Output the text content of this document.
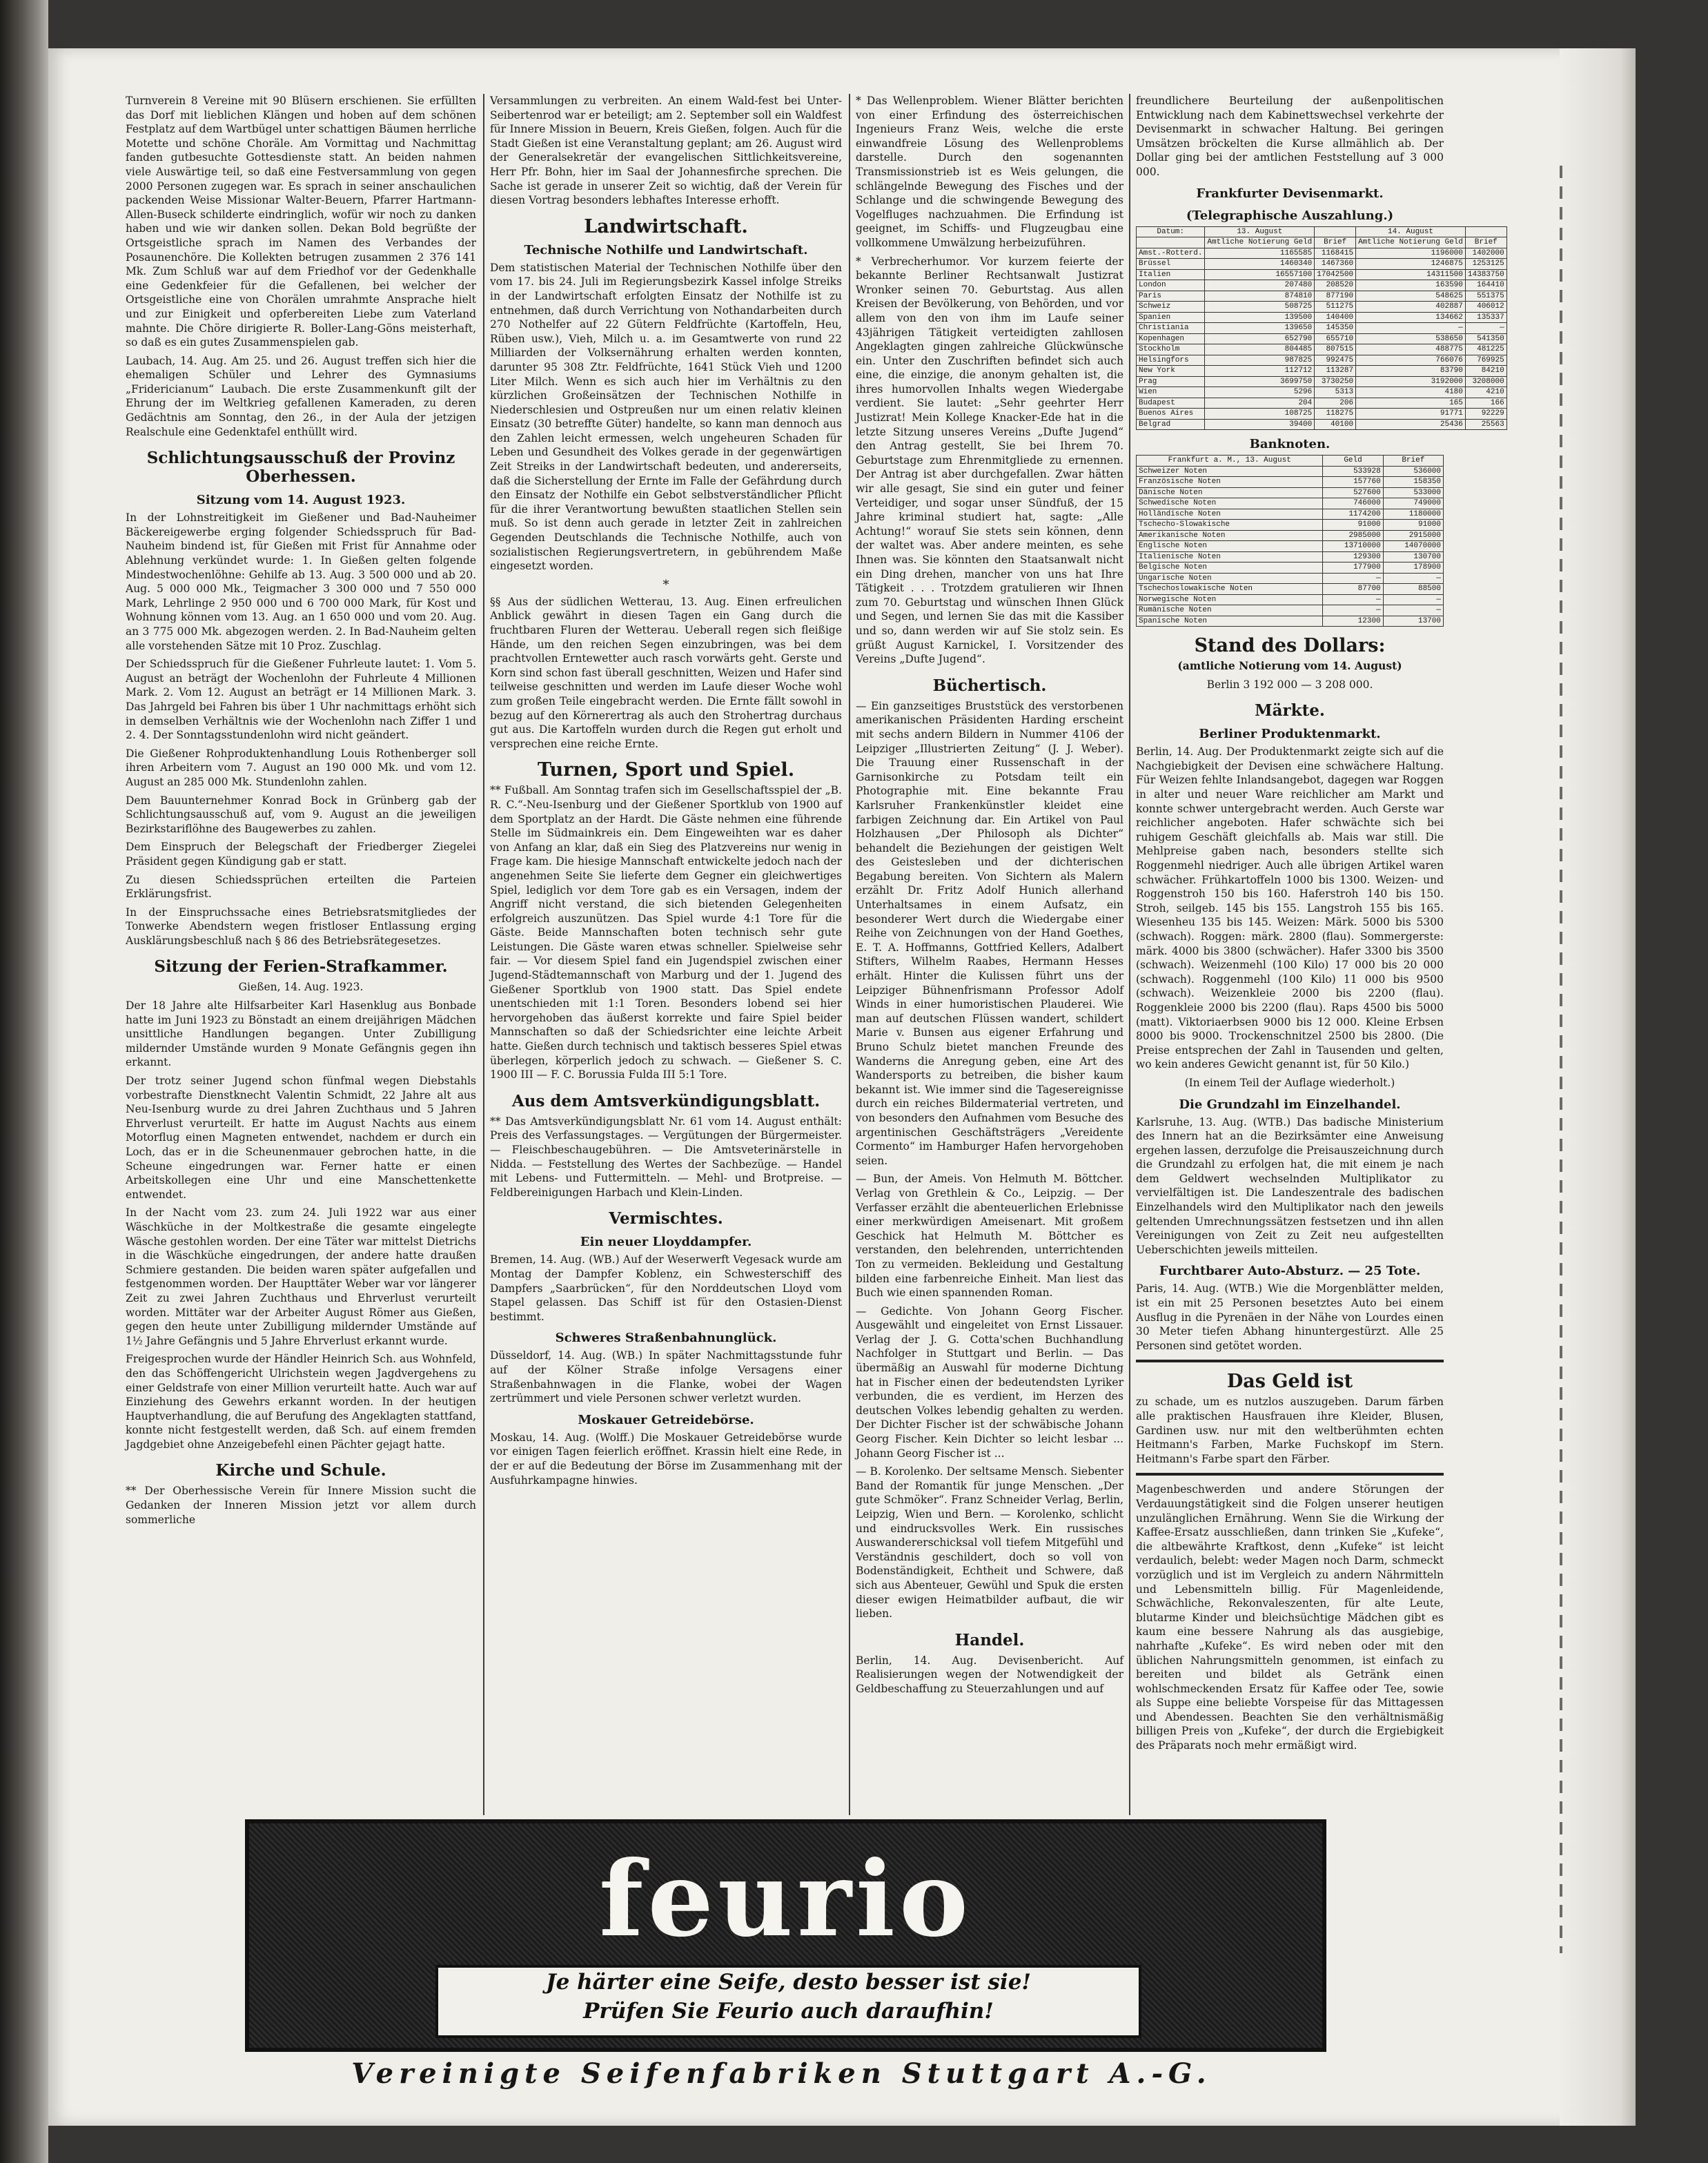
Turnverein 8 Vereine mit 90 Blüsern erschienen. Sie erfüllten das Dorf mit lieblichen Klängen und hoben auf dem schönen Festplatz auf dem Wartbügel unter schattigen Bäumen herrliche Motette und schöne Choräle. Am Vormittag und Nachmittag fanden gutbesuchte Gottesdienste statt. An beiden nahmen viele Auswärtige teil, so daß eine Festversammlung von gegen 2000 Personen zugegen war. Es sprach in seiner anschaulichen packenden Weise Missionar Walter-Beuern, Pfarrer Hartmann-Allen-Buseck schilderte eindringlich, wofür wir noch zu danken haben und wie wir danken sollen. Dekan Bold begrüßte der Ortsgeistliche sprach im Namen des Verbandes der Posaunenchöre. Die Kollekten betrugen zusammen 2 376 141 Mk. Zum Schluß war auf dem Friedhof vor der Gedenkhalle eine Gedenkfeier für die Gefallenen, bei welcher der Ortsgeistliche eine von Chorälen umrahmte Ansprache hielt und zur Einigkeit und opferbereiten Liebe zum Vaterland mahnte. Die Chöre dirigierte R. Boller-Lang-Göns meisterhaft, so daß es ein gutes Zusammenspielen gab.

Laubach, 14. Aug. Am 25. und 26. August treffen sich hier die ehemaligen Schüler und Lehrer des Gymnasiums „Fridericianum“ Laubach. Die erste Zusammenkunft gilt der Ehrung der im Weltkrieg gefallenen Kameraden, zu deren Gedächtnis am Sonntag, den 26., in der Aula der jetzigen Realschule eine Gedenktafel enthüllt wird.

Schlichtungsausschuß der Provinz Oberhessen.
Sitzung vom 14. August 1923.

In der Lohnstreitigkeit im Gießener und Bad-Nauheimer Bäckereigewerbe erging folgender Schiedsspruch für Bad-Nauheim bindend ist, für Gießen mit Frist für Annahme oder Ablehnung verkündet wurde: 1. In Gießen gelten folgende Mindestwochenlöhne: Gehilfe ab 13. Aug. 3 500 000 und ab 20. Aug. 5 000 000 Mk., Teigmacher 3 300 000 und 7 550 000 Mark, Lehrlinge 2 950 000 und 6 700 000 Mark, für Kost und Wohnung können vom 13. Aug. an 1 650 000 und vom 20. Aug. an 3 775 000 Mk. abgezogen werden. 2. In Bad-Nauheim gelten alle vorstehenden Sätze mit 10 Proz. Zuschlag.

Der Schiedsspruch für die Gießener Fuhrleute lautet: 1. Vom 5. August an beträgt der Wochenlohn der Fuhrleute 4 Millionen Mark. 2. Vom 12. August an beträgt er 14 Millionen Mark. 3. Das Jahrgeld bei Fahren bis über 1 Uhr nachmittags erhöht sich in demselben Verhältnis wie der Wochenlohn nach Ziffer 1 und 2. 4. Der Sonntagsstundenlohn wird nicht geändert.

Die Gießener Rohproduktenhandlung Louis Rothenberger soll ihren Arbeitern vom 7. August an 190 000 Mk. und vom 12. August an 285 000 Mk. Stundenlohn zahlen.

Dem Bauunternehmer Konrad Bock in Grünberg gab der Schlichtungsausschuß auf, vom 9. August an die jeweiligen Bezirkstariflöhne des Baugewerbes zu zahlen.

Dem Einspruch der Belegschaft der Friedberger Ziegelei Präsident gegen Kündigung gab er statt.

Zu diesen Schiedssprüchen erteilten die Parteien Erklärungsfrist.

In der Einspruchssache eines Betriebsratsmitgliedes der Tonwerke Abendstern wegen fristloser Entlassung erging Ausklärungsbeschluß nach § 86 des Betriebsrätegesetzes.

Sitzung der Ferien-Strafkammer.

Gießen, 14. Aug. 1923.

Der 18 Jahre alte Hilfsarbeiter Karl Hasenklug aus Bonbade hatte im Juni 1923 zu Bönstadt an einem dreijährigen Mädchen unsittliche Handlungen begangen. Unter Zubilligung mildernder Umstände wurden 9 Monate Gefängnis gegen ihn erkannt.

Der trotz seiner Jugend schon fünfmal wegen Diebstahls vorbestrafte Dienstknecht Valentin Schmidt, 22 Jahre alt aus Neu-Isenburg wurde zu drei Jahren Zuchthaus und 5 Jahren Ehrverlust verurteilt. Er hatte im August Nachts aus einem Motorflug einen Magneten entwendet, nachdem er durch ein Loch, das er in die Scheunenmauer gebrochen hatte, in die Scheune eingedrungen war. Ferner hatte er einen Arbeitskollegen eine Uhr und eine Manschettenkette entwendet.

In der Nacht vom 23. zum 24. Juli 1922 war aus einer Wäschküche in der Moltkestraße die gesamte eingelegte Wäsche gestohlen worden. Der eine Täter war mittelst Dietrichs in die Wäschküche eingedrungen, der andere hatte draußen Schmiere gestanden. Die beiden waren später aufgefallen und festgenommen worden. Der Haupttäter Weber war vor längerer Zeit zu zwei Jahren Zuchthaus und Ehrverlust verurteilt worden. Mittäter war der Arbeiter August Römer aus Gießen, gegen den heute unter Zubilligung mildernder Umstände auf 1½ Jahre Gefängnis und 5 Jahre Ehrverlust erkannt wurde.

Freigesprochen wurde der Händler Heinrich Sch. aus Wohnfeld, den das Schöffengericht Ulrichstein wegen Jagdvergehens zu einer Geldstrafe von einer Million verurteilt hatte. Auch war auf Einziehung des Gewehrs erkannt worden. In der heutigen Hauptverhandlung, die auf Berufung des Angeklagten stattfand, konnte nicht festgestellt werden, daß Sch. auf einem fremden Jagdgebiet ohne Anzeigebefehl einen Pächter gejagt hatte.

Kirche und Schule.

** Der Oberhessische Verein für Innere Mission sucht die Gedanken der Inneren Mission jetzt vor allem durch sommerliche

Versammlungen zu verbreiten. An einem Wald-fest bei Unter-Seibertenrod war er beteiligt; am 2. September soll ein Waldfest für Innere Mission in Beuern, Kreis Gießen, folgen. Auch für die Stadt Gießen ist eine Veranstaltung geplant; am 26. August wird der Generalsekretär der evangelischen Sittlichkeitsvereine, Herr Pfr. Bohn, hier im Saal der Johannesfirche sprechen. Die Sache ist gerade in unserer Zeit so wichtig, daß der Verein für diesen Vortrag besonders lebhaftes Interesse erhofft.

Landwirtschaft.
Technische Nothilfe und Landwirtschaft.

Dem statistischen Material der Technischen Nothilfe über den vom 17. bis 24. Juli im Regierungsbezirk Kassel infolge Streiks in der Landwirtschaft erfolgten Einsatz der Nothilfe ist zu entnehmen, daß durch Verrichtung von Nothandarbeiten durch 270 Nothelfer auf 22 Gütern Feldfrüchte (Kartoffeln, Heu, Rüben usw.), Vieh, Milch u. a. im Gesamtwerte von rund 22 Milliarden der Volksernährung erhalten werden konnten, darunter 95 308 Ztr. Feldfrüchte, 1641 Stück Vieh und 1200 Liter Milch. Wenn es sich auch hier im Verhältnis zu den kürzlichen Großeinsätzen der Technischen Nothilfe in Niederschlesien und Ostpreußen nur um einen relativ kleinen Einsatz (30 betreffte Güter) handelte, so kann man dennoch aus den Zahlen leicht ermessen, welch ungeheuren Schaden für Leben und Gesundheit des Volkes gerade in der gegenwärtigen Zeit Streiks in der Landwirtschaft bedeuten, und andererseits, daß die Sicherstellung der Ernte im Falle der Gefährdung durch den Einsatz der Nothilfe ein Gebot selbstverständlicher Pflicht für die ihrer Verantwortung bewußten staatlichen Stellen sein muß. So ist denn auch gerade in letzter Zeit in zahlreichen Gegenden Deutschlands die Technische Nothilfe, auch von sozialistischen Regierungsvertretern, in gebührendem Maße eingesetzt worden.

*

§§ Aus der südlichen Wetterau, 13. Aug. Einen erfreulichen Anblick gewährt in diesen Tagen ein Gang durch die fruchtbaren Fluren der Wetterau. Ueberall regen sich fleißige Hände, um den reichen Segen einzubringen, was bei dem prachtvollen Erntewetter auch rasch vorwärts geht. Gerste und Korn sind schon fast überall geschnitten, Weizen und Hafer sind teilweise geschnitten und werden im Laufe dieser Woche wohl zum großen Teile eingebracht werden. Die Ernte fällt sowohl in bezug auf den Körnerertrag als auch den Strohertrag durchaus gut aus. Die Kartoffeln wurden durch die Regen gut erholt und versprechen eine reiche Ernte.

Turnen, Sport und Spiel.

** Fußball. Am Sonntag trafen sich im Gesellschaftsspiel der „B. R. C.“-Neu-Isenburg und der Gießener Sportklub von 1900 auf dem Sportplatz an der Hardt. Die Gäste nehmen eine führende Stelle im Südmainkreis ein. Dem Eingeweihten war es daher von Anfang an klar, daß ein Sieg des Platzvereins nur wenig in Frage kam. Die hiesige Mannschaft entwickelte jedoch nach der angenehmen Seite Sie lieferte dem Gegner ein gleichwertiges Spiel, lediglich vor dem Tore gab es ein Versagen, indem der Angriff nicht verstand, die sich bietenden Gelegenheiten erfolgreich auszunützen. Das Spiel wurde 4:1 Tore für die Gäste. Beide Mannschaften boten technisch sehr gute Leistungen. Die Gäste waren etwas schneller. Spielweise sehr fair. — Vor diesem Spiel fand ein Jugendspiel zwischen einer Jugend-Städtemannschaft von Marburg und der 1. Jugend des Gießener Sportklub von 1900 statt. Das Spiel endete unentschieden mit 1:1 Toren. Besonders lobend sei hier hervorgehoben das äußerst korrekte und faire Spiel beider Mannschaften so daß der Schiedsrichter eine leichte Arbeit hatte. Gießen durch technisch und taktisch besseres Spiel etwas überlegen, körperlich jedoch zu schwach. — Gießener S. C. 1900 III — F. C. Borussia Fulda III 5:1 Tore.

Aus dem Amtsverkündigungsblatt.

** Das Amtsverkündigungsblatt Nr. 61 vom 14. August enthält: Preis des Verfassungstages. — Vergütungen der Bürgermeister. — Fleischbeschaugebühren. — Die Amtsveterinärstelle in Nidda. — Feststellung des Wertes der Sachbezüge. — Handel mit Lebens- und Futtermitteln. — Mehl- und Brotpreise. — Feldbereinigungen Harbach und Klein-Linden.

Vermischtes.
Ein neuer Lloyddampfer.

Bremen, 14. Aug. (WB.) Auf der Weserwerft Vegesack wurde am Montag der Dampfer Koblenz, ein Schwesterschiff des Dampfers „Saarbrücken“, für den Norddeutschen Lloyd vom Stapel gelassen. Das Schiff ist für den Ostasien-Dienst bestimmt.

Schweres Straßenbahnunglück.

Düsseldorf, 14. Aug. (WB.) In später Nachmittagsstunde fuhr auf der Kölner Straße infolge Versagens einer Straßenbahnwagen in die Flanke, wobei der Wagen zertrümmert und viele Personen schwer verletzt wurden.

Moskauer Getreidebörse.

Moskau, 14. Aug. (Wolff.) Die Moskauer Getreidebörse wurde vor einigen Tagen feierlich eröffnet. Krassin hielt eine Rede, in der er auf die Bedeutung der Börse im Zusammenhang mit der Ausfuhrkampagne hinwies.

* Das Wellenproblem. Wiener Blätter berichten von einer Erfindung des österreichischen Ingenieurs Franz Weis, welche die erste einwandfreie Lösung des Wellenproblems darstelle. Durch den sogenannten Transmissionstrieb ist es Weis gelungen, die schlängelnde Bewegung des Fisches und der Schlange und die schwingende Bewegung des Vogelfluges nachzuahmen. Die Erfindung ist geeignet, im Schiffs- und Flugzeugbau eine vollkommene Umwälzung herbeizuführen.

* Verbrecherhumor. Vor kurzem feierte der bekannte Berliner Rechtsanwalt Justizrat Wronker seinen 70. Geburtstag. Aus allen Kreisen der Bevölkerung, von Behörden, und vor allem von den von ihm im Laufe seiner 43jährigen Tätigkeit verteidigten zahllosen Angeklagten gingen zahlreiche Glückwünsche ein. Unter den Zuschriften befindet sich auch eine, die einzige, die anonym gehalten ist, die ihres humorvollen Inhalts wegen Wiedergabe verdient. Sie lautet: „Sehr geehrter Herr Justizrat! Mein Kollege Knacker-Ede hat in die letzte Sitzung unseres Vereins „Dufte Jugend“ den Antrag gestellt, Sie bei Ihrem 70. Geburtstage zum Ehrenmitgliede zu ernennen. Der Antrag ist aber durchgefallen. Zwar hätten wir alle gesagt, Sie sind ein guter und feiner Verteidiger, und sogar unser Sündfuß, der 15 Jahre kriminal studiert hat, sagte: „Alle Achtung!“ worauf Sie stets sein können, denn der waltet was. Aber andere meinten, es sehe Ihnen was. Sie könnten den Staatsanwalt nicht ein Ding drehen, mancher von uns hat Ihre Tätigkeit . . . Trotzdem gratulieren wir Ihnen zum 70. Geburtstag und wünschen Ihnen Glück und Segen, und lernen Sie das mit die Kassiber und so, dann werden wir auf Sie stolz sein. Es grüßt August Karnickel, I. Vorsitzender des Vereins „Dufte Jugend“.

Büchertisch.

— Ein ganzseitiges Bruststück des verstorbenen amerikanischen Präsidenten Harding erscheint mit sechs andern Bildern in Nummer 4106 der Leipziger „Illustrierten Zeitung“ (J. J. Weber). Die Trauung einer Russenschaft in der Garnisonkirche zu Potsdam teilt ein Photographie mit. Eine bekannte Frau Karlsruher Frankenkünstler kleidet eine farbigen Zeichnung dar. Ein Artikel von Paul Holzhausen „Der Philosoph als Dichter“ behandelt die Beziehungen der geistigen Welt des Geistesleben und der dichterischen Begabung bereiten. Von Sichtern als Malern erzählt Dr. Fritz Adolf Hunich allerhand Unterhaltsames in einem Aufsatz, ein besonderer Wert durch die Wiedergabe einer Reihe von Zeichnungen von der Hand Goethes, E. T. A. Hoffmanns, Gottfried Kellers, Adalbert Stifters, Wilhelm Raabes, Hermann Hesses erhält. Hinter die Kulissen führt uns der Leipziger Bühnenfrismann Professor Adolf Winds in einer humoristischen Plauderei. Wie man auf deutschen Flüssen wandert, schildert Marie v. Bunsen aus eigener Erfahrung und Bruno Schulz bietet manchen Freunde des Wanderns die Anregung geben, eine Art des Wandersports zu betreiben, die bisher kaum bekannt ist. Wie immer sind die Tagesereignisse durch ein reiches Bildermaterial vertreten, und von besonders den Aufnahmen vom Besuche des argentinischen Geschäftsträgers „Vereidente Cormento“ im Hamburger Hafen hervorgehoben seien.

— Bun, der Ameis. Von Helmuth M. Böttcher. Verlag von Grethlein & Co., Leipzig. — Der Verfasser erzählt die abenteuerlichen Erlebnisse einer merkwürdigen Ameisenart. Mit großem Geschick hat Helmuth M. Böttcher es verstanden, den belehrenden, unterrichtenden Ton zu vermeiden. Bekleidung und Gestaltung bilden eine farbenreiche Einheit. Man liest das Buch wie einen spannenden Roman.

— Gedichte. Von Johann Georg Fischer. Ausgewählt und eingeleitet von Ernst Lissauer. Verlag der J. G. Cotta'schen Buchhandlung Nachfolger in Stuttgart und Berlin. — Das übermäßig an Auswahl für moderne Dichtung hat in Fischer einen der bedeutendsten Lyriker verbunden, die es verdient, im Herzen des deutschen Volkes lebendig gehalten zu werden. Der Dichter Fischer ist der schwäbische Johann Georg Fischer. Kein Dichter so leicht lesbar ... Johann Georg Fischer ist ...

— B. Korolenko. Der seltsame Mensch. Siebenter Band der Romantik für junge Menschen. „Der gute Schmöker“. Franz Schneider Verlag, Berlin, Leipzig, Wien und Bern. — Korolenko, schlicht und eindrucksvolles Werk. Ein russisches Auswandererschicksal voll tiefem Mitgefühl und Verständnis geschildert, doch so voll von Bodenständigkeit, Echtheit und Schwere, daß sich aus Abenteuer, Gewühl und Spuk die ersten dieser ewigen Heimatbilder aufbaut, die wir lieben.

Handel.

Berlin, 14. Aug. Devisenbericht. Auf Realisierungen wegen der Notwendigkeit der Geldbeschaffung zu Steuerzahlungen und auf

freundlichere Beurteilung der außenpolitischen Entwicklung nach dem Kabinettswechsel verkehrte der Devisenmarkt in schwacher Haltung. Bei geringen Umsätzen bröckelten die Kurse allmählich ab. Der Dollar ging bei der amtlichen Feststellung auf 3 000 000.

Frankfurter Devisenmarkt.
(Telegraphische Auszahlung.)
Datum:	13. August		14. August	
	Amtliche Notierung Geld	Brief	Amtliche Notierung Geld	Brief
Amst.-Rotterd.	1165585	1168415	1196000	1402000
Brüssel	1460340	1467360	1246875	1253125
Italien	16557100	17042500	14311500	14383750
London	207480	208520	163590	164410
Paris	874810	877190	548625	551375
Schweiz	508725	511275	402887	406012
Spanien	139500	140400	134662	135337
Christiania	139650	145350	—	—
Kopenhagen	652790	655710	538650	541350
Stockholm	804485	807515	488775	481225
Helsingfors	987825	992475	766076	769925
New York	112712	113287	83790	84210
Prag	3699750	3730250	3192000	3208000
Wien	5296	5313	4180	4210
Budapest	204	206	165	166
Buenos Aires	108725	118275	91771	92229
Belgrad	39400	40100	25436	25563
Banknoten.
Frankfurt a. M., 13. August	Geld	Brief
Schweizer Noten	533928	536000
Französische Noten	157760	158350
Dänische Noten	527600	533000
Schwedische Noten	746000	749000
Holländische Noten	1174200	1180000
Tschecho-Slowakische	91000	91000
Amerikanische Noten	2985000	2915000
Englische Noten	13710000	14070000
Italienische Noten	129300	130700
Belgische Noten	177900	178900
Ungarische Noten	—	—
Tschechoslowakische Noten	87700	88500
Norwegische Noten	—	—
Rumänische Noten	—	—
Spanische Noten	12300	13700
Stand des Dollars:

(amtliche Notierung vom 14. August)

Berlin 3 192 000 — 3 208 000.

Märkte.
Berliner Produktenmarkt.

Berlin, 14. Aug. Der Produktenmarkt zeigte sich auf die Nachgiebigkeit der Devisen eine schwächere Haltung. Für Weizen fehlte Inlandsangebot, dagegen war Roggen in alter und neuer Ware reichlicher am Markt und konnte schwer untergebracht werden. Auch Gerste war reichlicher angeboten. Hafer schwächte sich bei ruhigem Geschäft gleichfalls ab. Mais war still. Die Mehlpreise gaben nach, besonders stellte sich Roggenmehl niedriger. Auch alle übrigen Artikel waren schwächer. Frühkartoffeln 1000 bis 1300. Weizen- und Roggenstroh 150 bis 160. Haferstroh 140 bis 150. Stroh, seilgeb. 145 bis 155. Langstroh 155 bis 165. Wiesenheu 135 bis 145. Weizen: Märk. 5000 bis 5300 (schwach). Roggen: märk. 2800 (flau). Sommergerste: märk. 4000 bis 3800 (schwächer). Hafer 3300 bis 3500 (schwach). Weizenmehl (100 Kilo) 17 000 bis 20 000 (schwach). Roggenmehl (100 Kilo) 11 000 bis 9500 (schwach). Weizenkleie 2000 bis 2200 (flau). Roggenkleie 2000 bis 2200 (flau). Raps 4500 bis 5000 (matt). Viktoriaerbsen 9000 bis 12 000. Kleine Erbsen 8000 bis 9000. Trockenschnitzel 2500 bis 2800. (Die Preise entsprechen der Zahl in Tausenden und gelten, wo kein anderes Gewicht genannt ist, für 50 Kilo.)

(In einem Teil der Auflage wiederholt.)

Die Grundzahl im Einzelhandel.

Karlsruhe, 13. Aug. (WTB.) Das badische Ministerium des Innern hat an die Bezirksämter eine Anweisung ergehen lassen, derzufolge die Preisauszeichnung durch die Grundzahl zu erfolgen hat, die mit einem je nach dem Geldwert wechselnden Multiplikator zu vervielfältigen ist. Die Landeszentrale des badischen Einzelhandels wird den Multiplikator nach den jeweils geltenden Umrechnungssätzen festsetzen und ihn allen Vereinigungen von Zeit zu Zeit neu aufgestellten Ueberschichten jeweils mitteilen.

Furchtbarer Auto-Absturz. — 25 Tote.

Paris, 14. Aug. (WTB.) Wie die Morgenblätter melden, ist ein mit 25 Personen besetztes Auto bei einem Ausflug in die Pyrenäen in der Nähe von Lourdes einen 30 Meter tiefen Abhang hinuntergestürzt. Alle 25 Personen sind getötet worden.

Das Geld ist

zu schade, um es nutzlos auszugeben. Darum färben alle praktischen Hausfrauen ihre Kleider, Blusen, Gardinen usw. nur mit den weltberühmten echten Heitmann's Farben, Marke Fuchskopf im Stern. Heitmann's Farbe spart den Färber.

Magenbeschwerden und andere Störungen der Verdauungstätigkeit sind die Folgen unserer heutigen unzulänglichen Ernährung. Wenn Sie die Wirkung der Kaffee-Ersatz ausschließen, dann trinken Sie „Kufeke“, die altbewährte Kraftkost, denn „Kufeke“ ist leicht verdaulich, belebt: weder Magen noch Darm, schmeckt vorzüglich und ist im Vergleich zu andern Nährmitteln und Lebensmitteln billig. Für Magenleidende, Schwächliche, Rekonvaleszenten, für alte Leute, blutarme Kinder und bleichsüchtige Mädchen gibt es kaum eine bessere Nahrung als das ausgiebige, nahrhafte „Kufeke“. Es wird neben oder mit den üblichen Nahrungsmitteln genommen, ist einfach zu bereiten und bildet als Getränk einen wohlschmeckenden Ersatz für Kaffee oder Tee, sowie als Suppe eine beliebte Vorspeise für das Mittagessen und Abendessen. Beachten Sie den verhältnismäßig billigen Preis von „Kufeke“, der durch die Ergiebigkeit des Präparats noch mehr ermäßigt wird.

feurio
Je härter eine Seife, desto besser ist sie!
Prüfen Sie Feurio auch daraufhin!
Vereinigte Seifenfabriken Stuttgart A.-G.
